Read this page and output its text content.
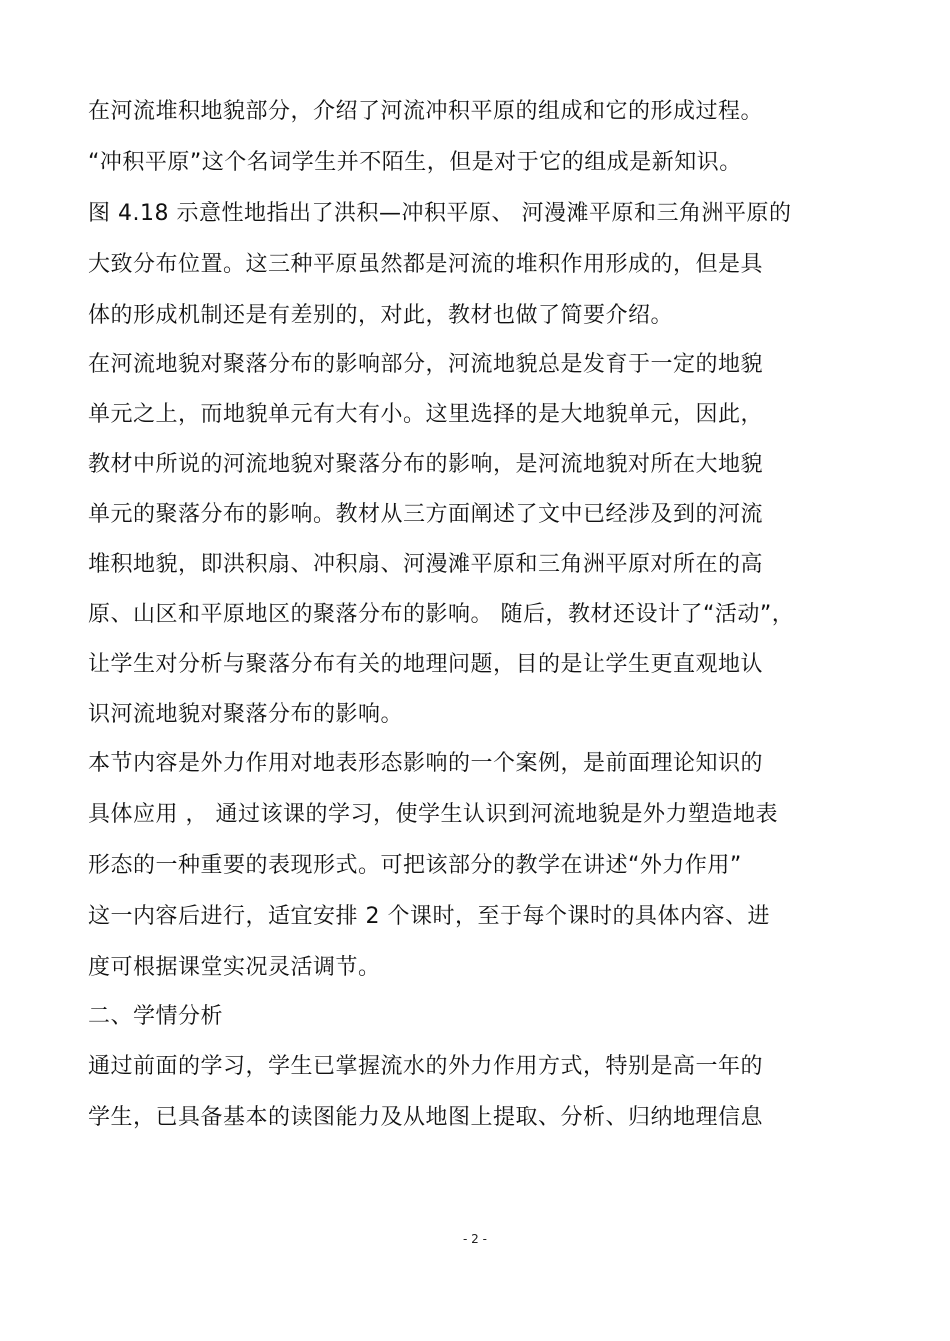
在河流堆积地貌部分，介绍了河流冲积平原的组成和它的形成过程。
“冲积平原”这个名词学生并不陌生，但是对于它的组成是新知识。
图 4.18 示意性地指出了洪积—冲积平原、 河漫滩平原和三角洲平原的
大致分布位置。这三种平原虽然都是河流的堆积作用形成的，但是具
体的形成机制还是有差别的，对此，教材也做了简要介绍。
在河流地貌对聚落分布的影响部分，河流地貌总是发育于一定的地貌
单元之上，而地貌单元有大有小。这里选择的是大地貌单元，因此，
教材中所说的河流地貌对聚落分布的影响，是河流地貌对所在大地貌
单元的聚落分布的影响。教材从三方面阐述了文中已经涉及到的河流
堆积地貌，即洪积扇、冲积扇、河漫滩平原和三角洲平原对所在的高
原、山区和平原地区的聚落分布的影响。 随后，教材还设计了“活动”，
让学生对分析与聚落分布有关的地理问题，目的是让学生更直观地认
识河流地貌对聚落分布的影响。
本节内容是外力作用对地表形态影响的一个案例，是前面理论知识的
具体应用 ， 通过该课的学习，使学生认识到河流地貌是外力塑造地表
形态的一种重要的表现形式。可把该部分的教学在讲述“外力作用”
这一内容后进行，适宜安排 2 个课时，至于每个课时的具体内容、进
度可根据课堂实况灵活调节。
二、学情分析
通过前面的学习，学生已掌握流水的外力作用方式，特别是高一年的
学生，已具备基本的读图能力及从地图上提取、分析、归纳地理信息
- 2 -
